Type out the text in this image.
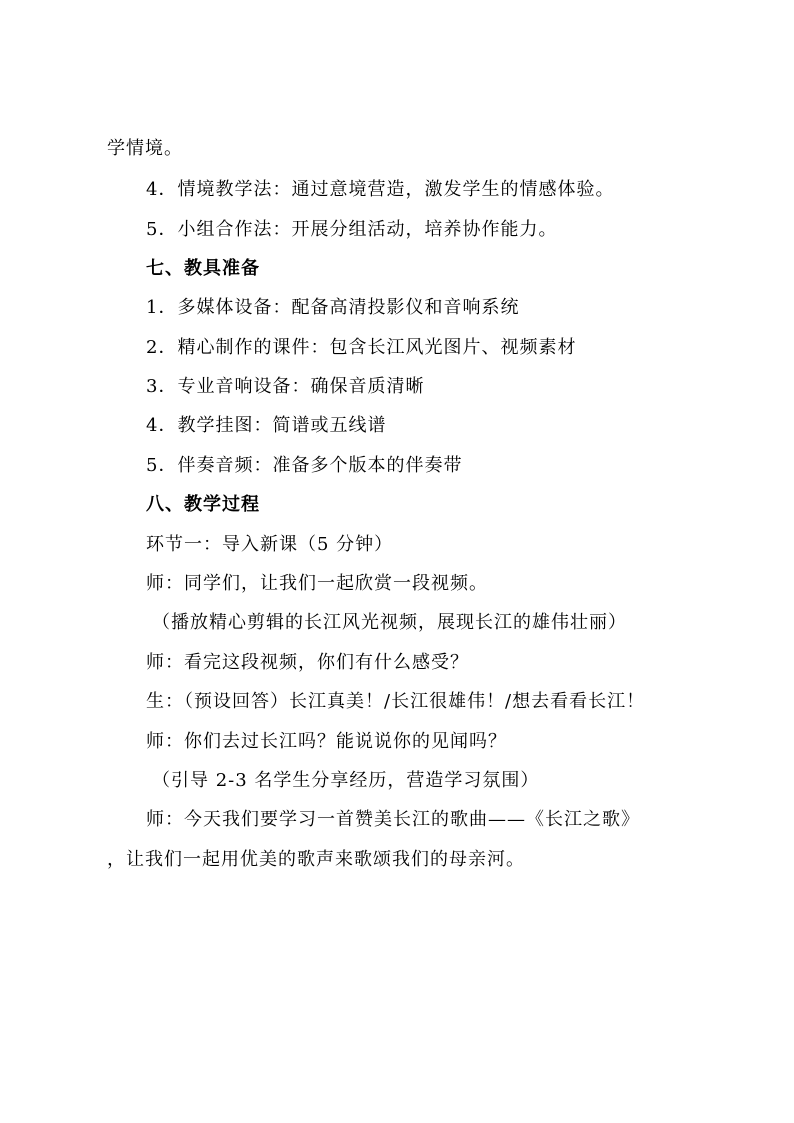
学情境。
4．情境教学法：通过意境营造，激发学生的情感体验。
5．小组合作法：开展分组活动，培养协作能力。
七、教具准备
1．多媒体设备：配备高清投影仪和音响系统
2．精心制作的课件：包含长江风光图片、视频素材
3．专业音响设备：确保音质清晰
4．教学挂图：简谱或五线谱
5．伴奏音频：准备多个版本的伴奏带
八、教学过程
环节一：导入新课（5 分钟）
师：同学们，让我们一起欣赏一段视频。
（播放精心剪辑的长江风光视频，展现长江的雄伟壮丽）
师：看完这段视频，你们有什么感受？
生：（预设回答）长江真美！/长江很雄伟！/想去看看长江！
师：你们去过长江吗？能说说你的见闻吗？
（引导 2-3 名学生分享经历，营造学习氛围）
师：今天我们要学习一首赞美长江的歌曲——《长江之歌》
，让我们一起用优美的歌声来歌颂我们的母亲河。
